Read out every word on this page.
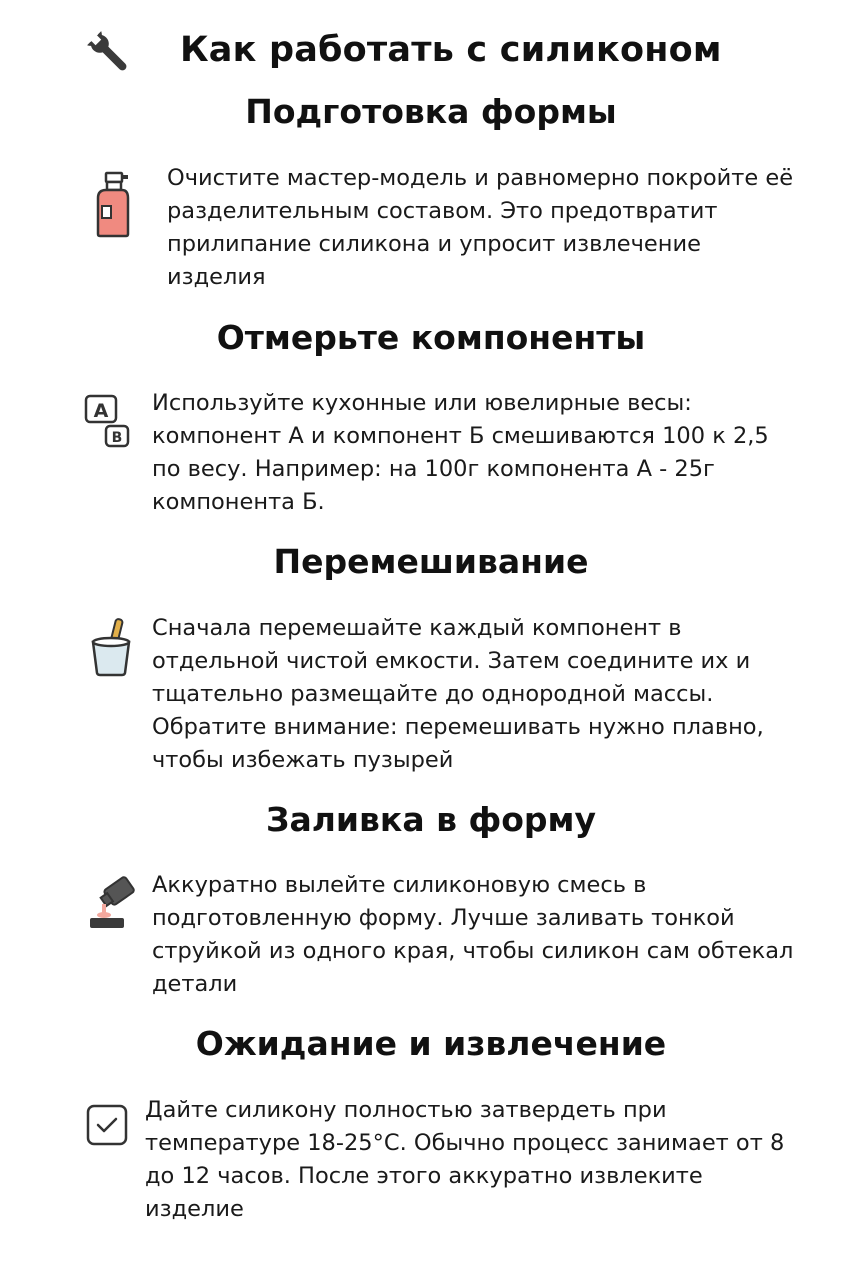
Как работать с силиконом
Подготовка формы

Очистите мастер-модель и равномерно покройте её
разделительным составом. Это предотвратит
прилипание силикона и упросит извлечение
изделия

Отмерьте компоненты
A
B

Используйте кухонные или ювелирные весы:
компонент А и компонент Б смешиваются 100 к 2,5
по весу. Например: на 100г компонента А - 25г
компонента Б.

Перемешивание

Сначала перемешайте каждый компонент в
отдельной чистой емкости. Затем соедините их и
тщательно размещайте до однородной массы.
Обратите внимание: перемешивать нужно плавно,
чтобы избежать пузырей

Заливка в форму

Аккуратно вылейте силиконовую смесь в
подготовленную форму. Лучше заливать тонкой
струйкой из одного края, чтобы силикон сам обтекал
детали

Ожидание и извлечение

Дайте силикону полностью затвердеть при
температуре 18-25°С. Обычно процесс занимает от 8
до 12 часов. После этого аккуратно извлеките
изделие
